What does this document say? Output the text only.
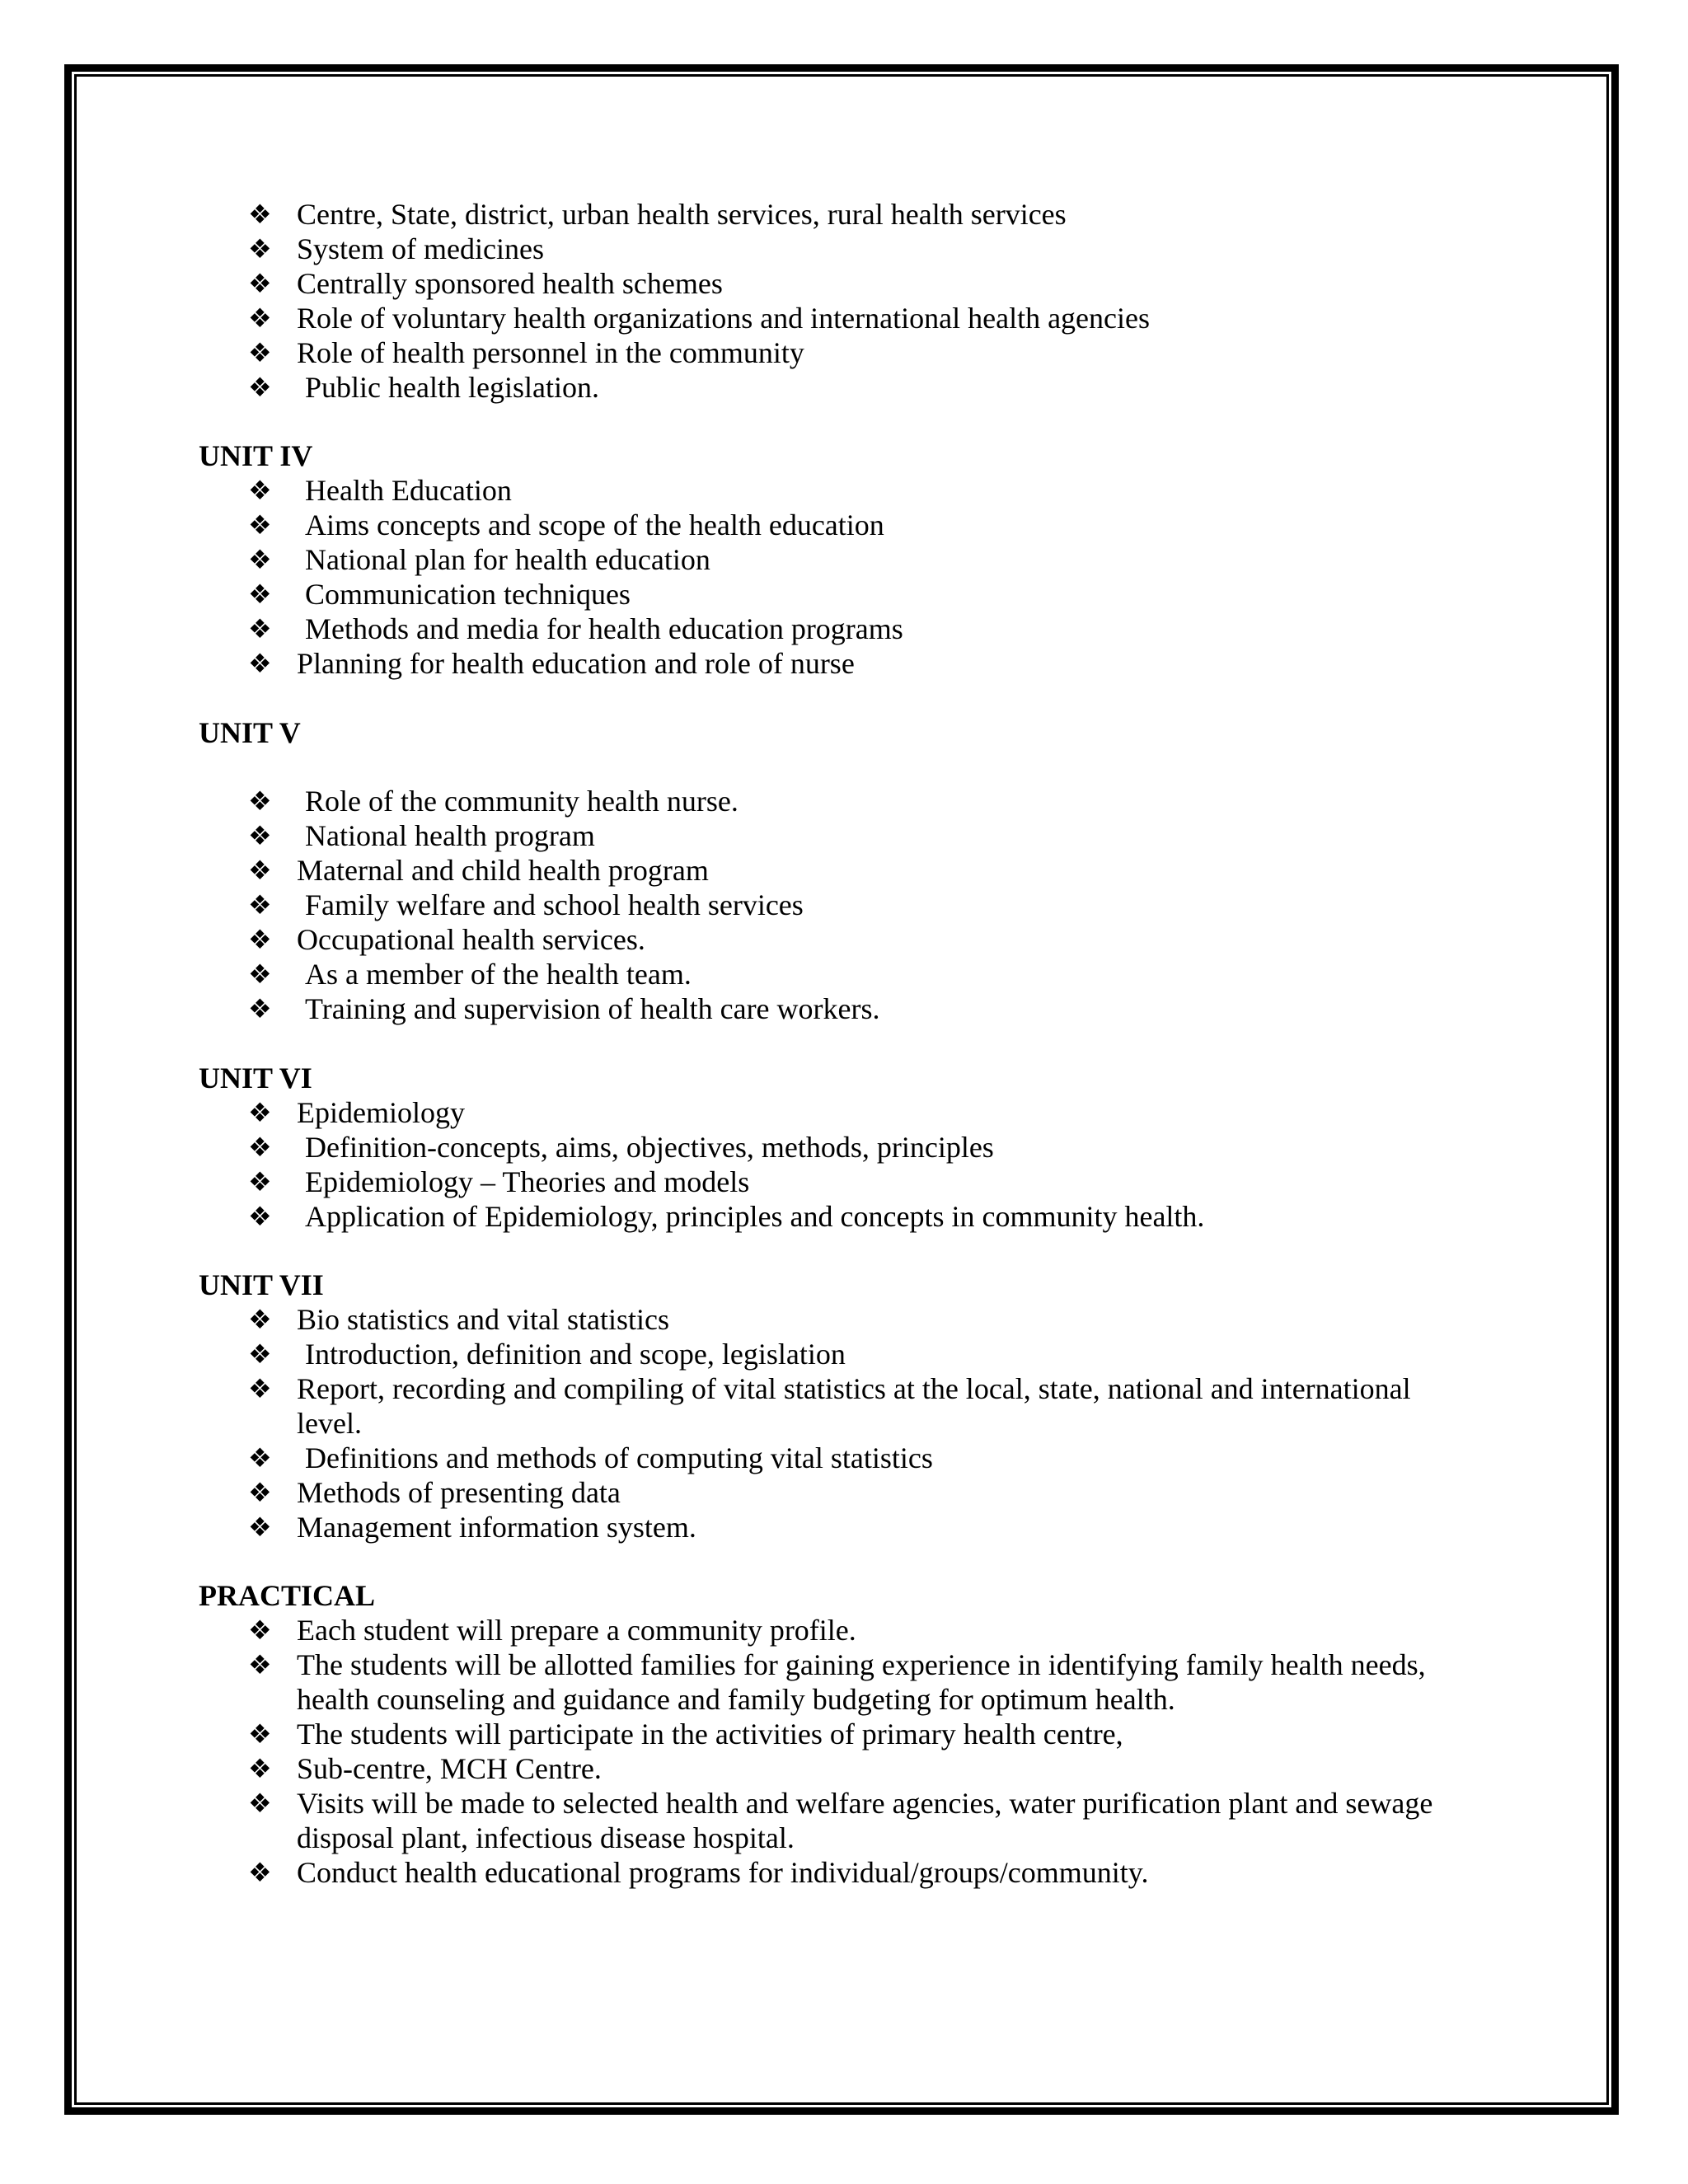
❖ Centre, State, district, urban health services, rural health services
❖ System of medicines
❖ Centrally sponsored health schemes
❖ Role of voluntary health organizations and international health agencies
❖ Role of health personnel in the community
❖ Public health legislation.
UNIT IV
❖ Health Education
❖ Aims concepts and scope of the health education
❖ National plan for health education
❖ Communication techniques
❖ Methods and media for health education programs
❖ Planning for health education and role of nurse
UNIT V
❖ Role of the community health nurse.
❖ National health program
❖ Maternal and child health program
❖ Family welfare and school health services
❖ Occupational health services.
❖ As a member of the health team.
❖ Training and supervision of health care workers.
UNIT VI
❖ Epidemiology
❖ Definition-concepts, aims, objectives, methods, principles
❖ Epidemiology – Theories and models
❖ Application of Epidemiology, principles and concepts in community health.
UNIT VII
❖ Bio statistics and vital statistics
❖ Introduction, definition and scope, legislation
❖ Report, recording and compiling of vital statistics at the local, state, national and international
level.
❖ Definitions and methods of computing vital statistics
❖ Methods of presenting data
❖ Management information system.
PRACTICAL
❖ Each student will prepare a community profile.
❖ The students will be allotted families for gaining experience in identifying family health needs,
health counseling and guidance and family budgeting for optimum health.
❖ The students will participate in the activities of primary health centre,
❖ Sub-centre, MCH Centre.
❖ Visits will be made to selected health and welfare agencies, water purification plant and sewage
disposal plant, infectious disease hospital.
❖ Conduct health educational programs for individual/groups/community.
